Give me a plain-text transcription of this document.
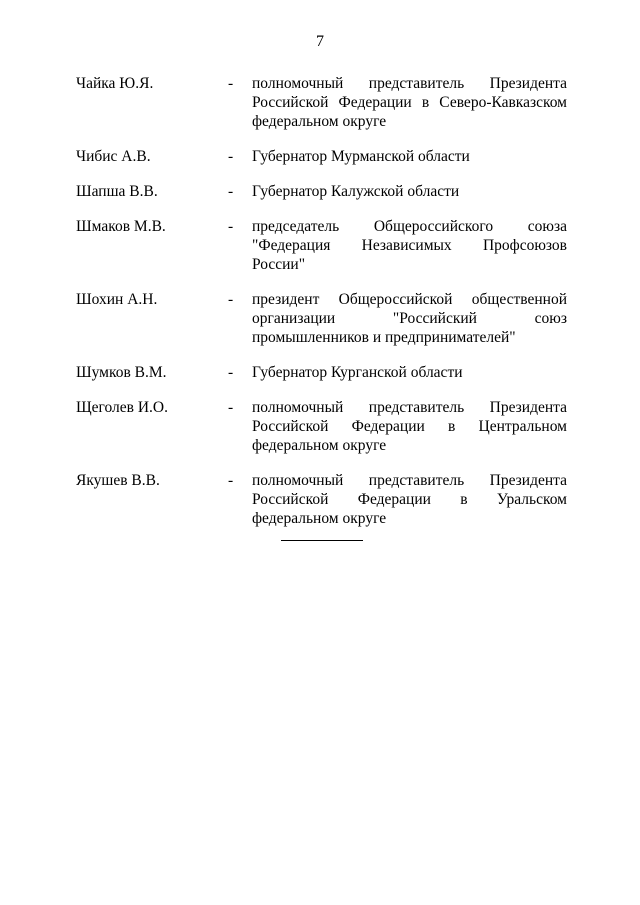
7
Чайка Ю.Я.	- полномочный представитель Президента
Российской Федерации в Северо-Кавказском
федеральном округе
Чибис А.В.	- Губернатор Мурманской области
Шапша В.В.	- Губернатор Калужской области
Шмаков М.В.	- председатель Общероссийского союза
"Федерация Независимых Профсоюзов
России"
Шохин А.Н.	- президент Общероссийской общественной
организации "Российский союз
промышленников и предпринимателей"
Шумков В.М.	- Губернатор Курганской области
Щеголев И.О.	- полномочный представитель Президента
Российской Федерации в Центральном
федеральном округе
Якушев В.В.	- полномочный представитель Президента
Российской Федерации в Уральском
федеральном округе
